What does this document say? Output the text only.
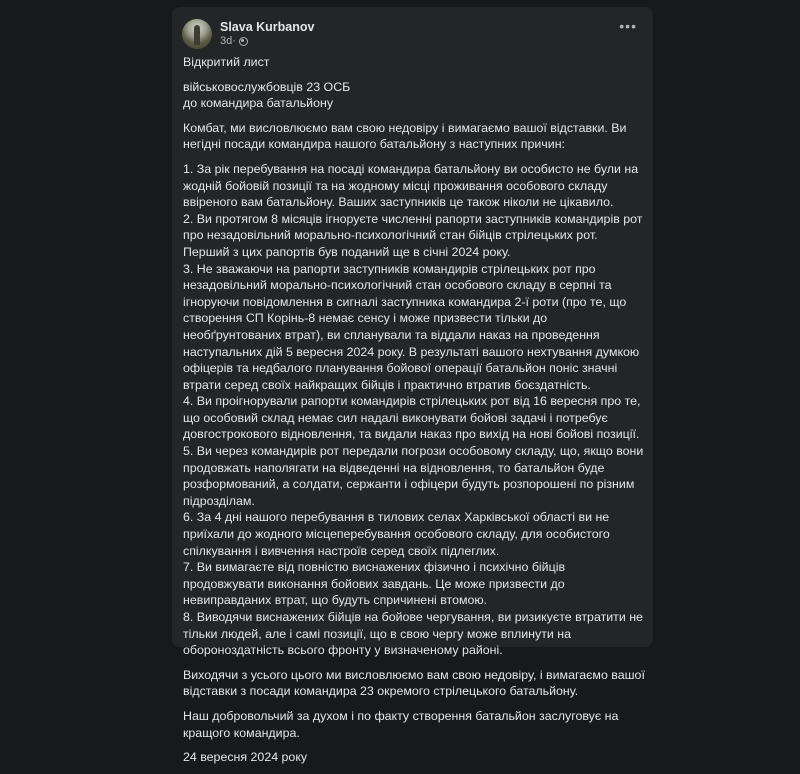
Slava Kurbanov
3d ·
•••

Відкритий лист

військовослужбовців 23 ОСБ
до командира батальйону

Комбат, ми висловлюємо вам свою недовіру і вимагаємо вашої відставки. Ви негідні посади командира нашого батальйону з наступних причин:

1. За рік перебування на посаді командира батальйону ви особисто не були на жодній бойовій позиції та на жодному місці проживання особового складу ввіреного вам батальйону. Ваших заступників це також ніколи не цікавило.
2. Ви протягом 8 місяців ігноруєте численні рапорти заступників командирів рот про незадовільний морально-психологічний стан бійців стрілецьких рот. Перший з цих рапортів був поданий ще в січні 2024 року.
3. Не зважаючи на рапорти заступників командирів стрілецьких рот про незадовільний морально-психологічний стан особового складу в серпні та ігноруючи повідомлення в сигналі заступника командира 2-ї роти (про те, що створення СП Корінь-8 немає сенсу і може призвести тільки до необґрунтованих втрат), ви спланували та віддали наказ на проведення наступальних дій 5 вересня 2024 року. В результаті вашого нехтування думкою офіцерів та недбалого планування бойової операції батальйон поніс значні втрати серед своїх найкращих бійців і практично втратив боєздатність.
4. Ви проігнорували рапорти командирів стрілецьких рот від 16 вересня про те, що особовий склад немає сил надалі виконувати бойові задачі і потребує довгострокового відновлення, та видали наказ про вихід на нові бойові позиції.
5. Ви через командирів рот передали погрози особовому складу, що, якщо вони продовжать наполягати на відведенні на відновлення, то батальйон буде розформований, а солдати, сержанти і офіцери будуть розпорошені по різним підрозділам.
6. За 4 дні нашого перебування в тилових селах Харківської області ви не приїхали до жодного місцеперебування особового складу, для особистого спілкування і вивчення настроїв серед своїх підлеглих.
7. Ви вимагаєте від повністю виснажених фізично і психічно бійців продовжувати виконання бойових завдань. Це може призвести до невиправданих втрат, що будуть спричинені втомою.
8. Виводячи виснажених бійців на бойове чергування, ви ризикуєте втратити не тільки людей, але і самі позиції, що в свою чергу може вплинути на обороноздатність всього фронту у визначеному районі.

Виходячи з усього цього ми висловлюємо вам свою недовіру, і вимагаємо вашої відставки з посади командира 23 окремого стрілецького батальйону.

Наш добровольчий за духом і по факту створення батальйон заслуговує на кращого командира.

24 вересня 2024 року
